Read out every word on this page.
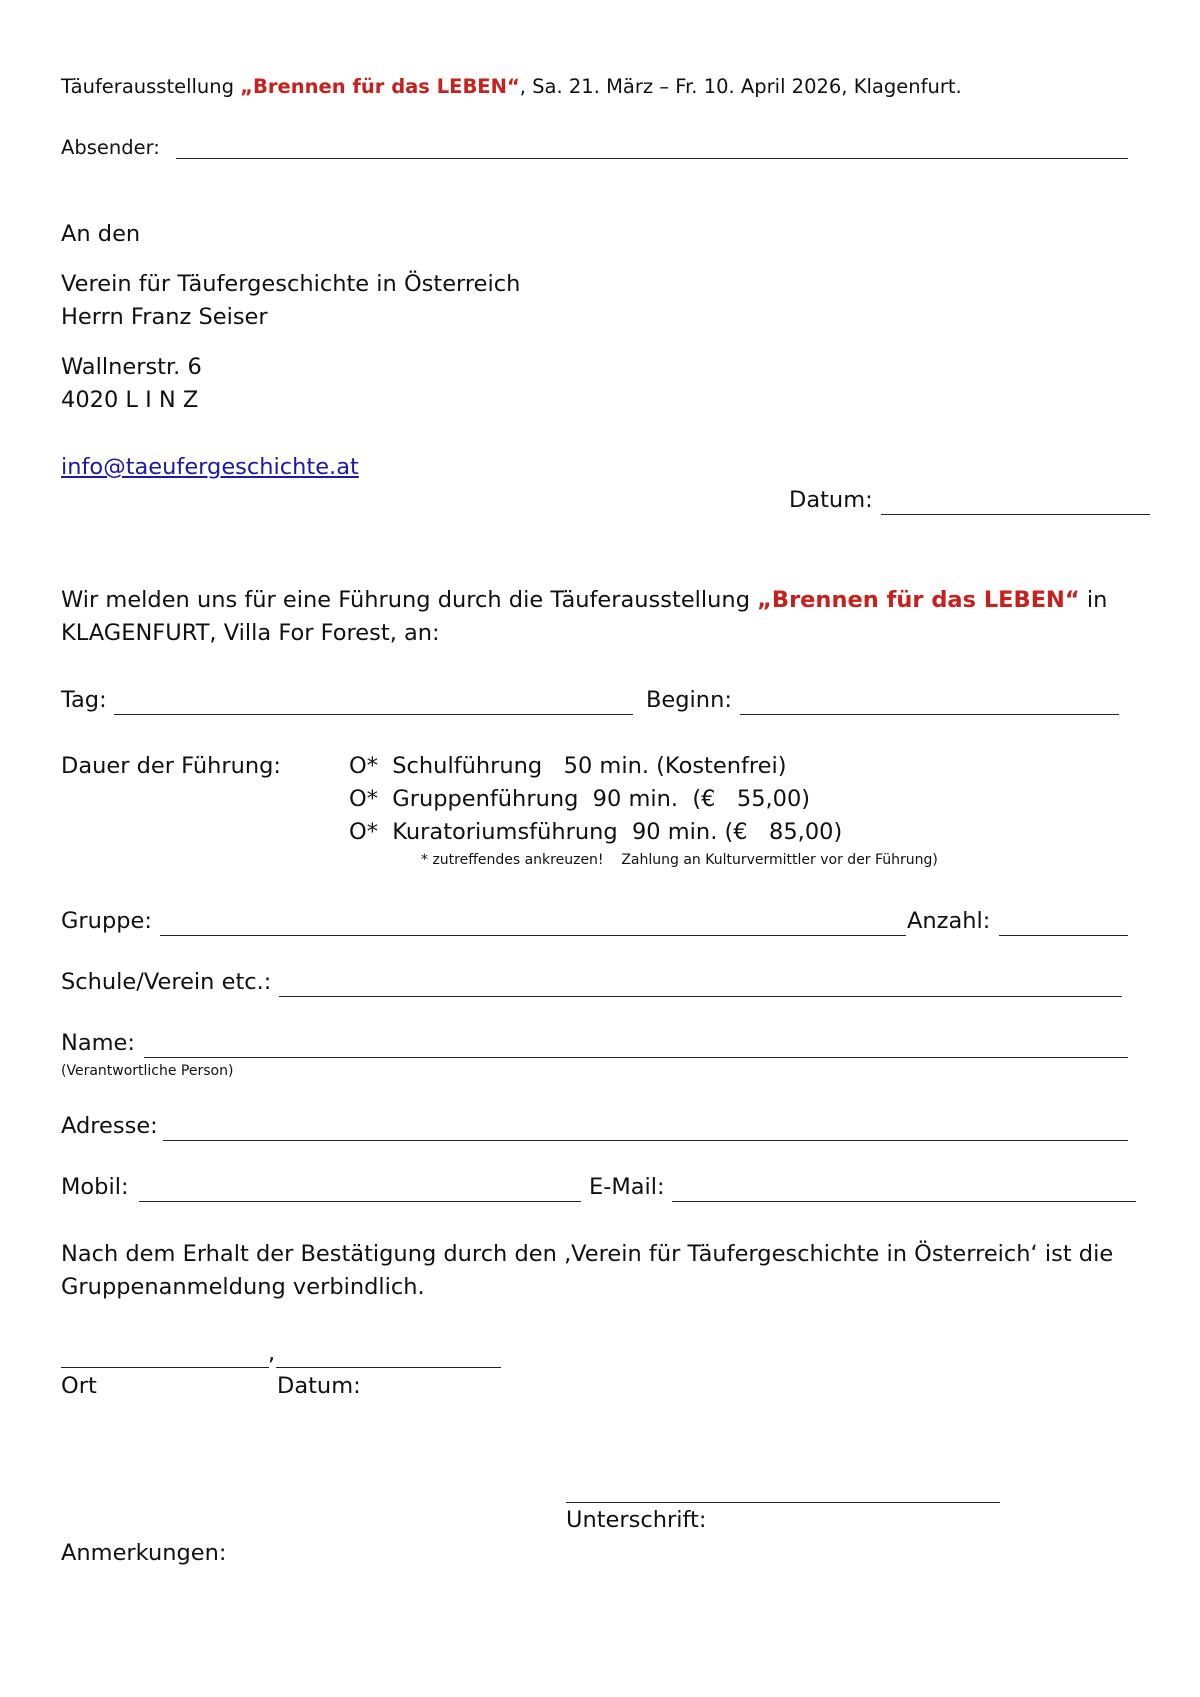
Täuferausstellung „Brennen für das LEBEN“, Sa. 21. März – Fr. 10. April 2026, Klagenfurt.
Absender:
An den
Verein für Täufergeschichte in Österreich
Herrn Franz Seiser
Wallnerstr. 6
4020 L I N Z
info@taeufergeschichte.at
Datum:
Wir melden uns für eine Führung durch die Täuferausstellung „Brennen für das LEBEN“ in
KLAGENFURT, Villa For Forest, an:
Tag:	Beginn:
Dauer der Führung:	O*  Schulführung   50 min. (Kostenfrei)
O*  Gruppenführung  90 min.  (€   55,00)
O*  Kuratoriumsführung  90 min. (€   85,00)
* zutreffendes ankreuzen!    Zahlung an Kulturvermittler vor der Führung)
Gruppe:	Anzahl:
Schule/Verein etc.:
Name:
(Verantwortliche Person)
Adresse:
Mobil:	E-Mail:
Nach dem Erhalt der Bestätigung durch den ‚Verein für Täufergeschichte in Österreich‘ ist die
Gruppenanmeldung verbindlich.
,
Ort	Datum:
Unterschrift:
Anmerkungen:
